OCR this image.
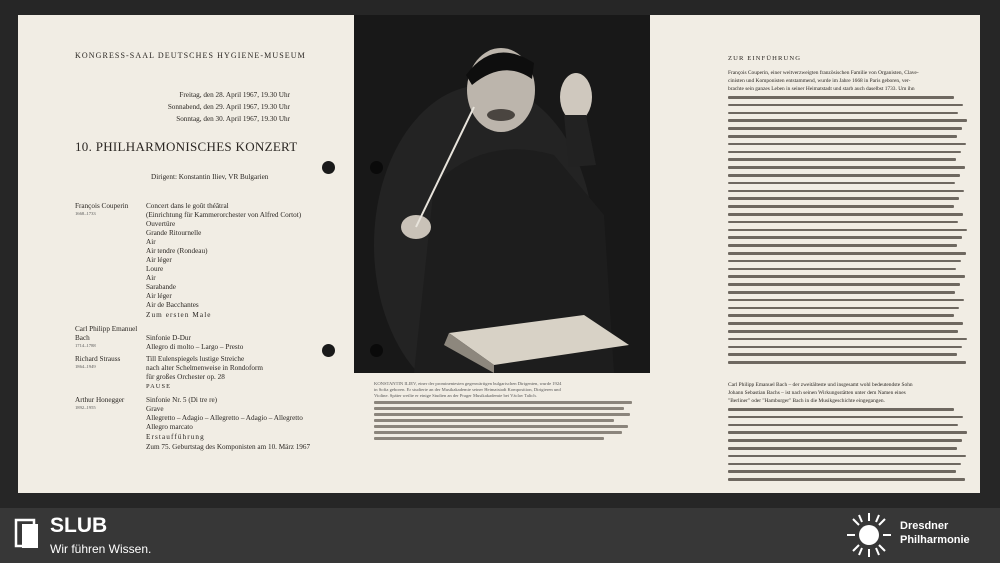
KONGRESS-SAAL DEUTSCHES HYGIENE-MUSEUM
Freitag, den 28. April 1967, 19.30 Uhr
Sonnabend, den 29. April 1967, 19.30 Uhr
Sonntag, den 30. April 1967, 19.30 Uhr
10. PHILHARMONISCHES KONZERT
Dirigent: Konstantin Iliev, VR Bulgarien
François Couperin
1668–1733
Concert dans le goût théâtral
(Einrichtung für Kammerorchester von Alfred Cortot)
Ouvertüre
Grande Ritournelle
Air
Air tendre (Rondeau)
Air léger
Loure
Air
Sarabande
Air léger
Air de Bacchantes
Zum ersten Male
Carl Philipp Emanuel
Bach
1714–1788
Sinfonie D-Dur
Allegro di molto – Largo – Presto
Richard Strauss
1864–1949
Till Eulenspiegels lustige Streiche
nach alter Schelmenweise in Rondoform
für großes Orchester op. 28
PAUSE
Arthur Honegger
1892–1955
Sinfonie Nr. 5 (Di tre re)
Grave
Allegretto – Adagio – Allegretto – Adagio – Allegretto
Allegro marcato
Erstaufführung
Zum 75. Geburtstag des Komponisten am 10. März 1967
KONSTANTIN ILIEV, einer der prominentesten gegenwärtigen bulgarischen Dirigenten, wurde 1924
in Sofia geboren. Er studierte an der Musikakademie seiner Heimatstadt Komposition, Dirigieren und
Violine. Später weilte er einige Studien an der Prager Musikakademie bei Václav Talich.
ZUR EINFÜHRUNG
François Couperin, einer weitverzweigten französischen Familie von Organisten, Clave-
cinisten und Komponisten entstammend, wurde im Jahre 1668 in Paris geboren, ver-
brachte sein ganzes Leben in seiner Heimatstadt und starb auch daselbst 1733. Um ihn
Carl Philipp Emanuel Bach – der zweitälteste und insgesamt wohl bedeutendste Sohn
Johann Sebastian Bachs – ist nach seinen Wirkungsstätten unter dem Namen eines
"Berliner" oder "Hamburger" Bach in die Musikgeschichte eingegangen.
SLUB
Wir führen Wissen.
Dresdner
Philharmonie
